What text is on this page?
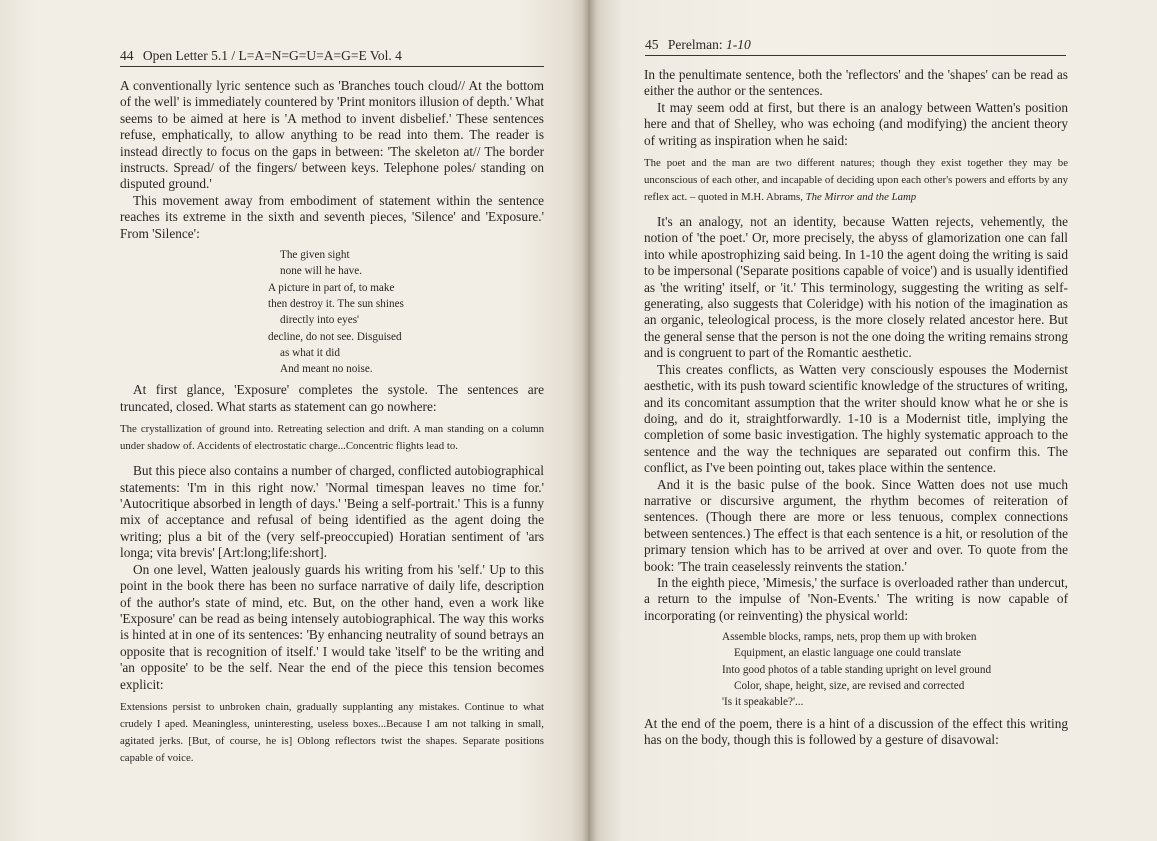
44 Open Letter 5.1 / L=A=N=G=U=A=G=E Vol. 4

A conventionally lyric sentence such as 'Branches touch cloud// At the bottom of the well' is immediately countered by 'Print monitors illusion of depth.' What seems to be aimed at here is 'A method to invent disbelief.' These sentences refuse, emphatically, to allow anything to be read into them. The reader is instead directly to focus on the gaps in between: 'The skeleton at// The border instructs. Spread/ of the fingers/ between keys. Telephone poles/ standing on disputed ground.'

This movement away from embodiment of statement within the sentence reaches its extreme in the sixth and seventh pieces, 'Silence' and 'Exposure.' From 'Silence':

The given sight
none will he have.
A picture in part of, to make
then destroy it. The sun shines
directly into eyes'
decline, do not see. Disguised
as what it did
And meant no noise.

At first glance, 'Exposure' completes the systole. The sentences are truncated, closed. What starts as statement can go nowhere:

The crystallization of ground into. Retreating selection and drift. A man standing on a column under shadow of. Accidents of electrostatic charge...Concentric flights lead to.

But this piece also contains a number of charged, conflicted autobiographical statements: 'I'm in this right now.' 'Normal timespan leaves no time for.' 'Autocritique absorbed in length of days.' 'Being a self-portrait.' This is a funny mix of acceptance and refusal of being identified as the agent doing the writing; plus a bit of the (very self-preoccupied) Horatian sentiment of 'ars longa; vita brevis' [Art:long;life:short].

On one level, Watten jealously guards his writing from his 'self.' Up to this point in the book there has been no surface narrative of daily life, description of the author's state of mind, etc. But, on the other hand, even a work like 'Exposure' can be read as being intensely autobiographical. The way this works is hinted at in one of its sentences: 'By enhancing neutrality of sound betrays an opposite that is recognition of itself.' I would take 'itself' to be the writing and 'an opposite' to be the self. Near the end of the piece this tension becomes explicit:

Extensions persist to unbroken chain, gradually supplanting any mistakes. Continue to what crudely I aped. Meaningless, uninteresting, useless boxes...Because I am not talking in small, agitated jerks. [But, of course, he is] Oblong reflectors twist the shapes. Separate positions capable of voice.
45 Perelman: 1-10

In the penultimate sentence, both the 'reflectors' and the 'shapes' can be read as either the author or the sentences.

It may seem odd at first, but there is an analogy between Watten's position here and that of Shelley, who was echoing (and modifying) the ancient theory of writing as inspiration when he said:

The poet and the man are two different natures; though they exist together they may be unconscious of each other, and incapable of deciding upon each other's powers and efforts by any reflex act. – quoted in M.H. Abrams, The Mirror and the Lamp

It's an analogy, not an identity, because Watten rejects, vehemently, the notion of 'the poet.' Or, more precisely, the abyss of glamorization one can fall into while apostrophizing said being. In 1-10 the agent doing the writing is said to be impersonal ('Separate positions capable of voice') and is usually identified as 'the writing' itself, or 'it.' This terminology, suggesting the writing as self-generating, also suggests that Coleridge) with his notion of the imagination as an organic, teleological process, is the more closely related ancestor here. But the general sense that the person is not the one doing the writing remains strong and is congruent to part of the Romantic aesthetic.

This creates conflicts, as Watten very consciously espouses the Modernist aesthetic, with its push toward scientific knowledge of the structures of writing, and its concomitant assumption that the writer should know what he or she is doing, and do it, straightforwardly. 1-10 is a Modernist title, implying the completion of some basic investigation. The highly systematic approach to the sentence and the way the techniques are separated out confirm this. The conflict, as I've been pointing out, takes place within the sentence.

And it is the basic pulse of the book. Since Watten does not use much narrative or discursive argument, the rhythm becomes of reiteration of sentences. (Though there are more or less tenuous, complex connections between sentences.) The effect is that each sentence is a hit, or resolution of the primary tension which has to be arrived at over and over. To quote from the book: 'The train ceaselessly reinvents the station.'

In the eighth piece, 'Mimesis,' the surface is overloaded rather than undercut, a return to the impulse of 'Non-Events.' The writing is now capable of incorporating (or reinventing) the physical world:

Assemble blocks, ramps, nets, prop them up with broken
Equipment, an elastic language one could translate
Into good photos of a table standing upright on level ground
Color, shape, height, size, are revised and corrected
'Is it speakable?'...

At the end of the poem, there is a hint of a discussion of the effect this writing has on the body, though this is followed by a gesture of disavowal:
